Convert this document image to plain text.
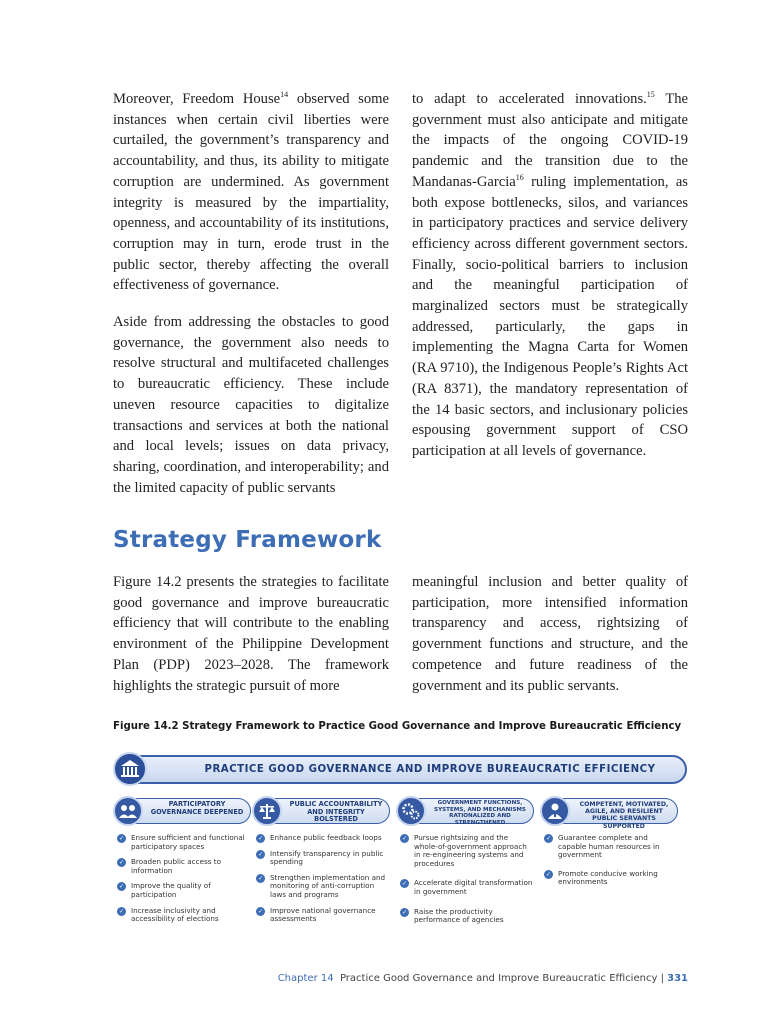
Moreover, Freedom House$^{14}$ observed some instances when certain civil liberties were curtailed, the government’s transparency and accountability, and thus, its ability to mitigate corruption are undermined. As government integrity is measured by the impartiality, openness, and accountability of its institutions, corruption may in turn, erode trust in the public sector, thereby affecting the overall effectiveness of governance.

Aside from addressing the obstacles to good governance, the government also needs to resolve structural and multifaceted challenges to bureaucratic efficiency. These include uneven resource capacities to digitalize transactions and services at both the national and local levels; issues on data privacy, sharing, coordination, and interoperability; and the limited capacity of public servants

to adapt to accelerated innovations.$^{15}$ The government must also anticipate and mitigate the impacts of the ongoing COVID-19 pandemic and the transition due to the Mandanas-Garcia$^{16}$ ruling implementation, as both expose bottlenecks, silos, and variances in participatory practices and service delivery efficiency across different government sectors. Finally, socio-political barriers to inclusion and the meaningful participation of marginalized sectors must be strategically addressed, particularly, the gaps in implementing the Magna Carta for Women (RA 9710), the Indigenous People’s Rights Act (RA 8371), the mandatory representation of the 14 basic sectors, and inclusionary policies espousing government support of CSO participation at all levels of governance.

Strategy Framework

Figure 14.2 presents the strategies to facilitate good governance and improve bureaucratic efficiency that will contribute to the enabling environment of the Philippine Development Plan (PDP) 2023–2028. The framework highlights the strategic pursuit of more

meaningful inclusion and better quality of participation, more intensified information transparency and access, rightsizing of government functions and structure, and the competence and future readiness of the government and its public servants.

Figure 14.2 Strategy Framework to Practice Good Governance and Improve Bureaucratic Efficiency
PRACTICE GOOD GOVERNANCE AND IMPROVE BUREAUCRATIC EFFICIENCY
PARTICIPATORY GOVERNANCE DEEPENED
✓ Ensure sufficient and functional participatory spaces
✓ Broaden public access to information
✓ Improve the quality of participation
✓ Increase inclusivity and accessibility of elections
PUBLIC ACCOUNTABILITY AND INTEGRITY BOLSTERED
✓ Enhance public feedback loops
✓ Intensify transparency in public spending
✓ Strengthen implementation and monitoring of anti-corruption laws and programs
✓ Improve national governance assessments
GOVERNMENT FUNCTIONS, SYSTEMS, AND MECHANISMS RATIONALIZED AND STRENGTHENED
✓ Pursue rightsizing and the whole-of-government approach in re-engineering systems and procedures
✓ Accelerate digital transformation in government
✓ Raise the productivity performance of agencies
COMPETENT, MOTIVATED, AGILE, AND RESILIENT PUBLIC SERVANTS SUPPORTED
✓ Guarantee complete and capable human resources in government
✓ Promote conducive working environments
Chapter 14 Practice Good Governance and Improve Bureaucratic Efficiency | 331
